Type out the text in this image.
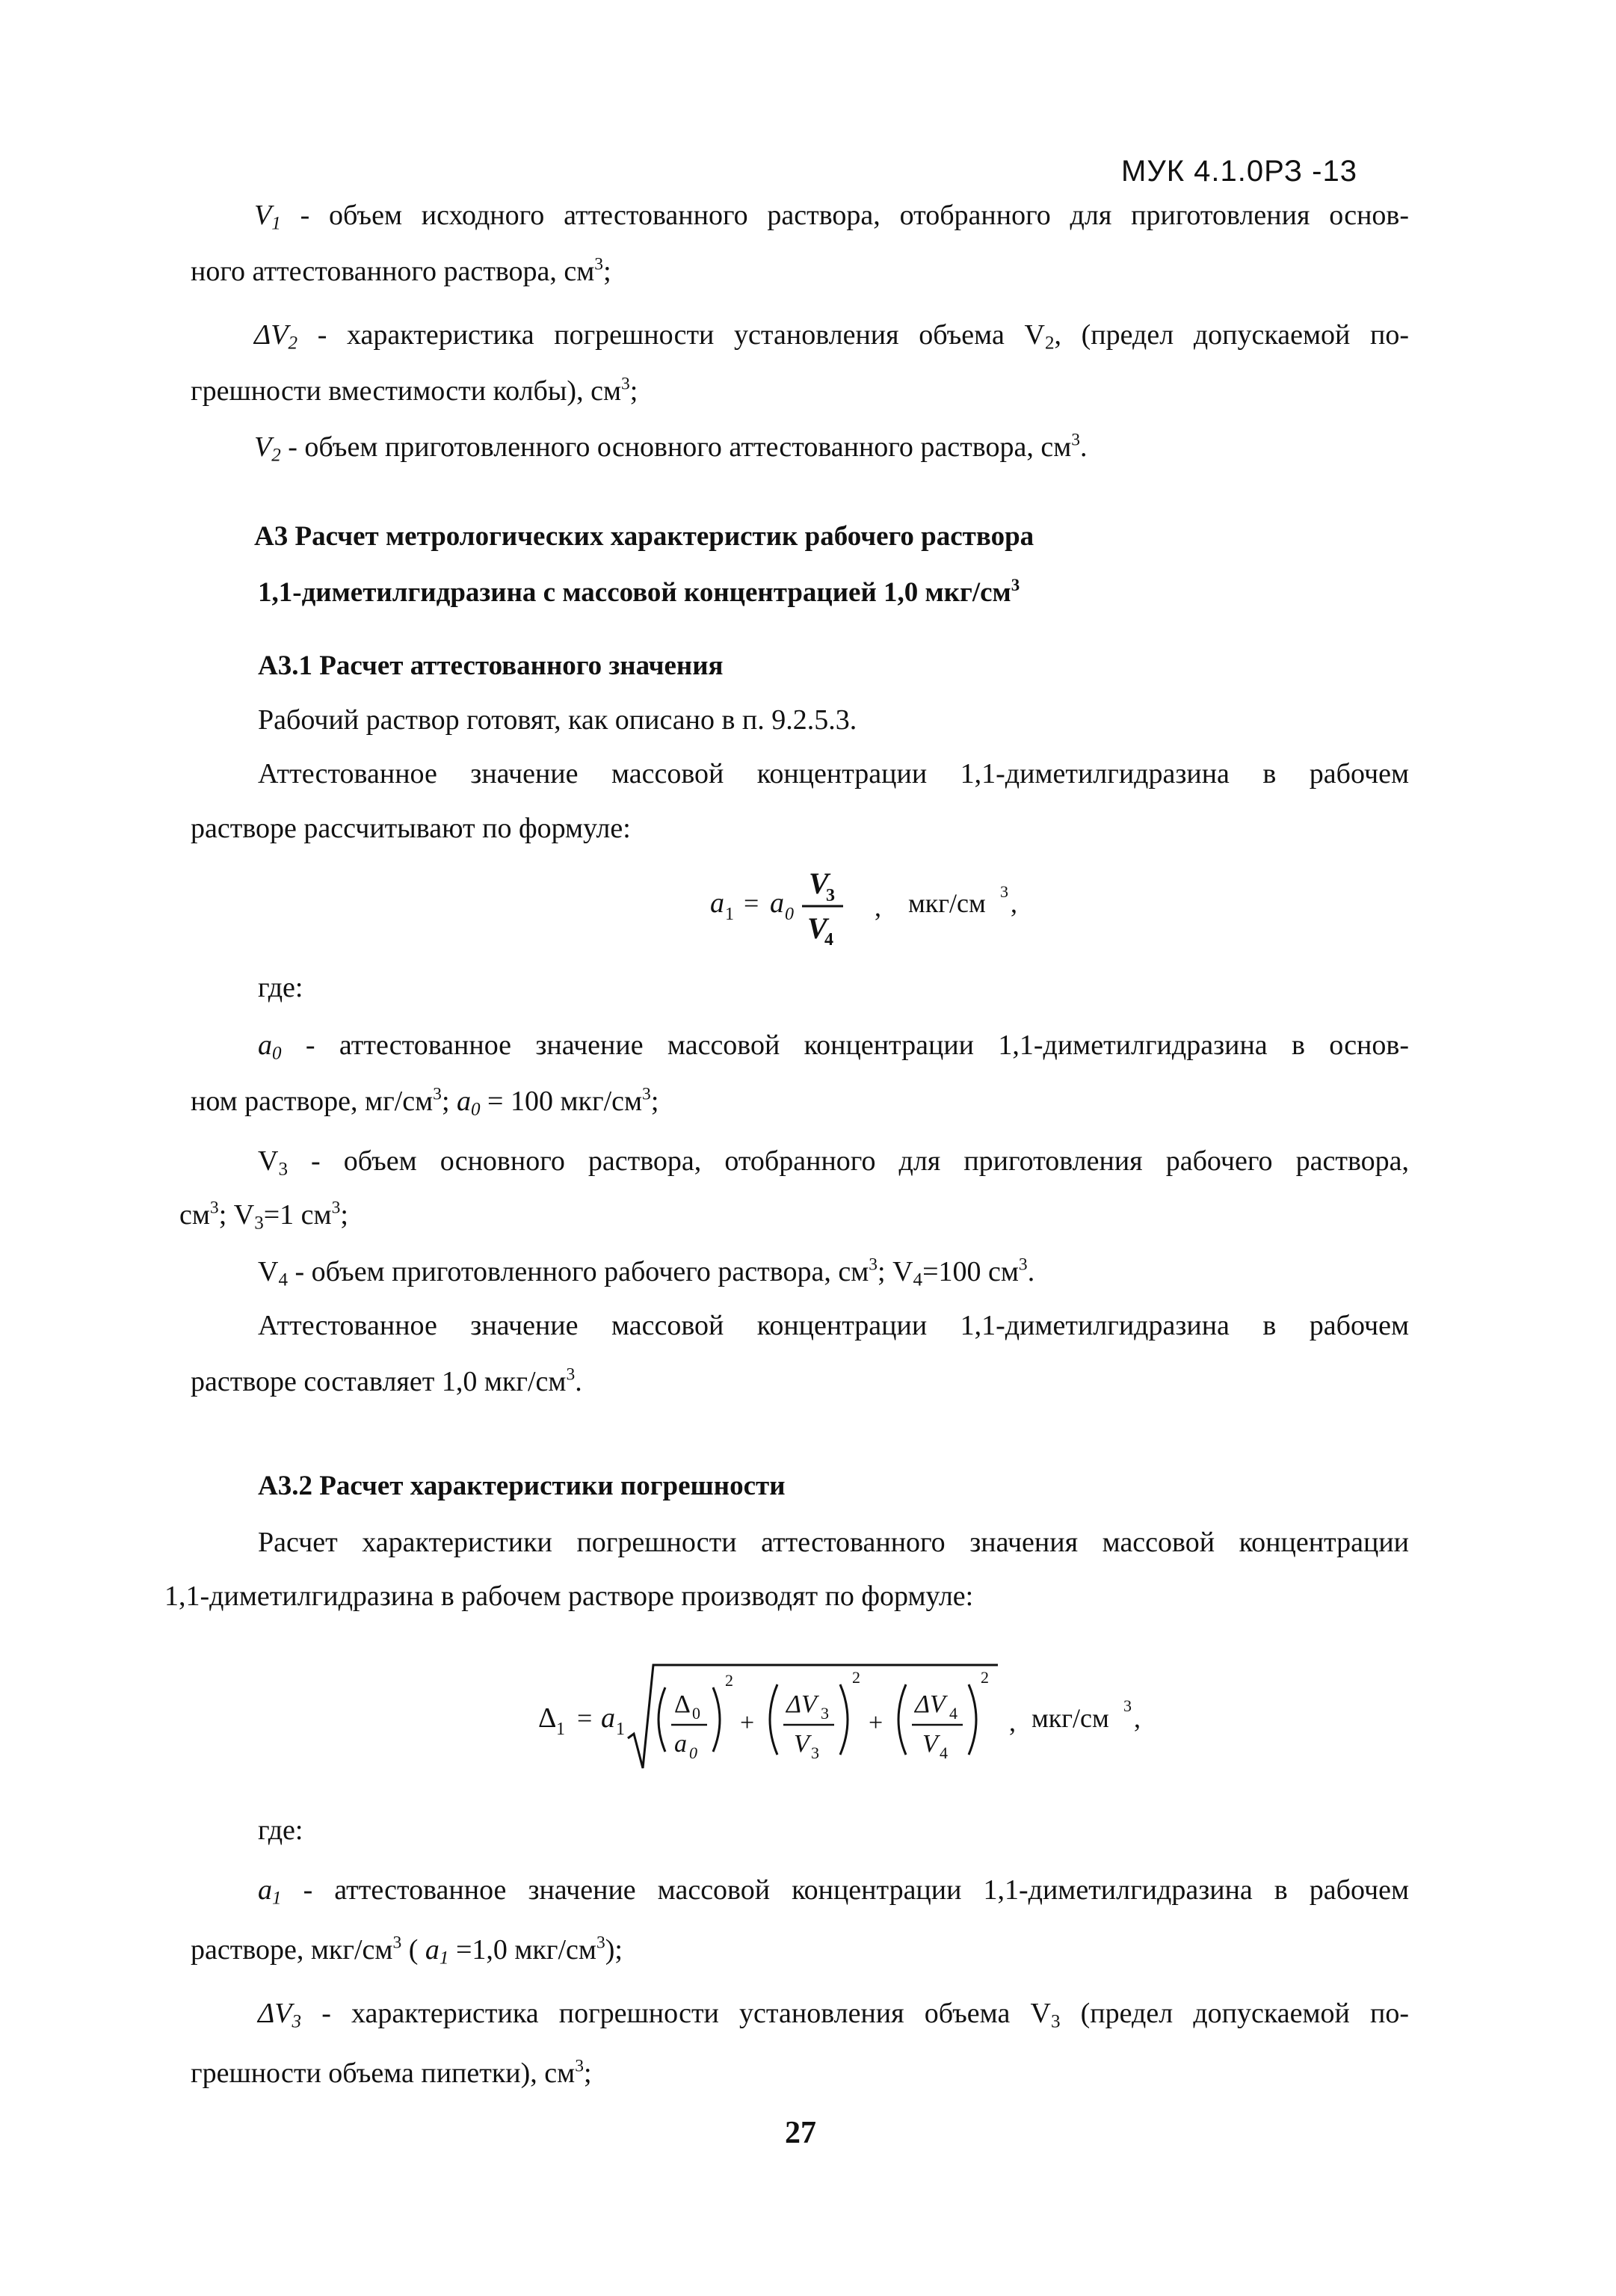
МУК 4.1.0РЗ -13

$V_1$ - объем исходного аттестованного раствора, отобранного для приготовления основ-

ного аттестованного раствора, $см^3$;

$\Delta V_2$ - характеристика погрешности установления объема $V_2$, (предел допускаемой по-

грешности вместимости колбы), $см^3$;

$V_2$ - объем приготовленного основного аттестованного раствора, $см^3$.

А3 Расчет метрологических характеристик рабочего раствора

1,1-диметилгидразина с массовой концентрацией 1,0 мкг/$см^3$

А3.1 Расчет аттестованного значения

Рабочий раствор готовят, как описано в п. 9.2.5.3.

Аттестованное значение массовой концентрации 1,1-диметилгидразина в рабочем

растворе рассчитывают по формуле:

a 1 = a 0
V
3
V
4
, мкг/см 3 ,

где:

$a_0$ - аттестованное значение массовой концентрации 1,1-диметилгидразина в основ-

ном растворе, $мг/см^3$; $a_0 = 100$ мкг/$см^3$;

$V_3$ - объем основного раствора, отобранного для приготовления рабочего раствора,

$см^3$; $V_3=1$ $см^3$;

$V_4$ - объем приготовленного рабочего раствора, $см^3$; $V_4=100$ $см^3$.

Аттестованное значение массовой концентрации 1,1-диметилгидразина в рабочем

растворе составляет 1,0 мкг/$см^3$.

А3.2 Расчет характеристики погрешности

Расчет характеристики погрешности аттестованного значения массовой концентрации

1,1-диметилгидразина в рабочем растворе производят по формуле:

Δ 1 = a 1
Δ 0
a 0
2
+
ΔV 3
V 3
2
+
ΔV 4
V 4
2
, мкг/см 3 ,

где:

$a_1$ - аттестованное значение массовой концентрации 1,1-диметилгидразина в рабочем

растворе, мкг/$см^3$ ( $a_1 =1,0$ мкг/$см^3$);

$\Delta V_3$ - характеристика погрешности установления объема $V_3$ (предел допускаемой по-

грешности объема пипетки), $см^3$;

27
